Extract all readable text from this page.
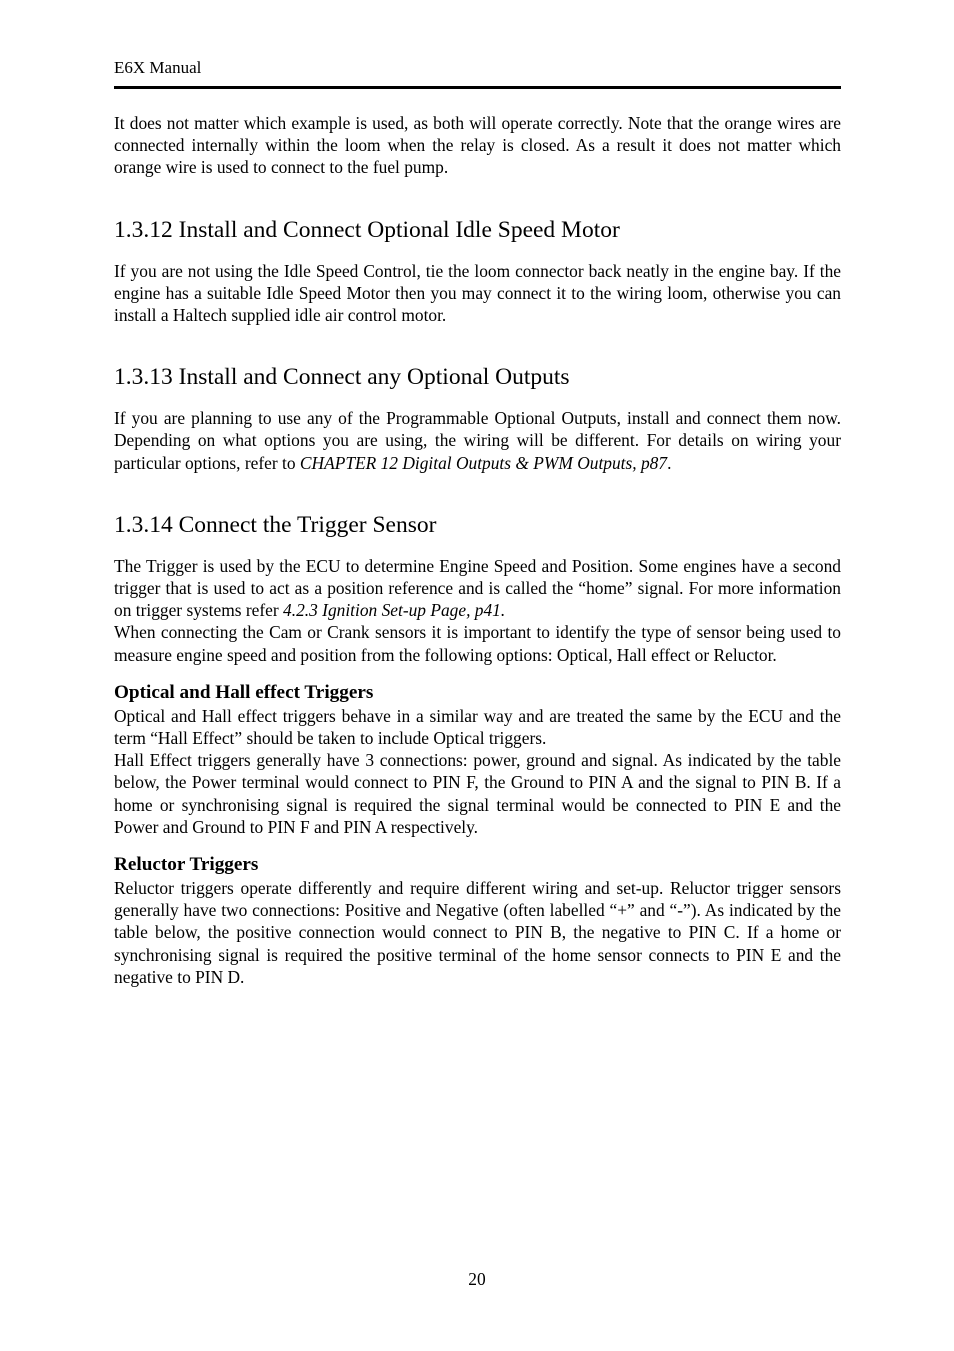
E6X Manual

It does not matter which example is used, as both will operate correctly. Note that the orange wires are connected internally within the loom when the relay is closed. As a result it does not matter which orange wire is used to connect to the fuel pump.

1.3.12 Install and Connect Optional Idle Speed Motor

If you are not using the Idle Speed Control, tie the loom connector back neatly in the engine bay. If the engine has a suitable Idle Speed Motor then you may connect it to the wiring loom, otherwise you can install a Haltech supplied idle air control motor.

1.3.13 Install and Connect any Optional Outputs

If you are planning to use any of the Programmable Optional Outputs, install and connect them now. Depending on what options you are using, the wiring will be different. For details on wiring your particular options, refer to CHAPTER 12 Digital Outputs & PWM Outputs, p87.

1.3.14 Connect the Trigger Sensor

The Trigger is used by the ECU to determine Engine Speed and Position. Some engines have a second trigger that is used to act as a position reference and is called the “home” signal. For more information on trigger systems refer 4.2.3 Ignition Set-up Page, p41.

When connecting the Cam or Crank sensors it is important to identify the type of sensor being used to measure engine speed and position from the following options: Optical, Hall effect or Reluctor.

Optical and Hall effect Triggers

Optical and Hall effect triggers behave in a similar way and are treated the same by the ECU and the term “Hall Effect” should be taken to include Optical triggers.

Hall Effect triggers generally have 3 connections: power, ground and signal. As indicated by the table below, the Power terminal would connect to PIN F, the Ground to PIN A and the signal to PIN B. If a home or synchronising signal is required the signal terminal would be connected to PIN E and the Power and Ground to PIN F and PIN A respectively.

Reluctor Triggers

Reluctor triggers operate differently and require different wiring and set-up. Reluctor trigger sensors generally have two connections: Positive and Negative (often labelled “+” and “-”). As indicated by the table below, the positive connection would connect to PIN B, the negative to PIN C. If a home or synchronising signal is required the positive terminal of the home sensor connects to PIN E and the negative to PIN D.

20
